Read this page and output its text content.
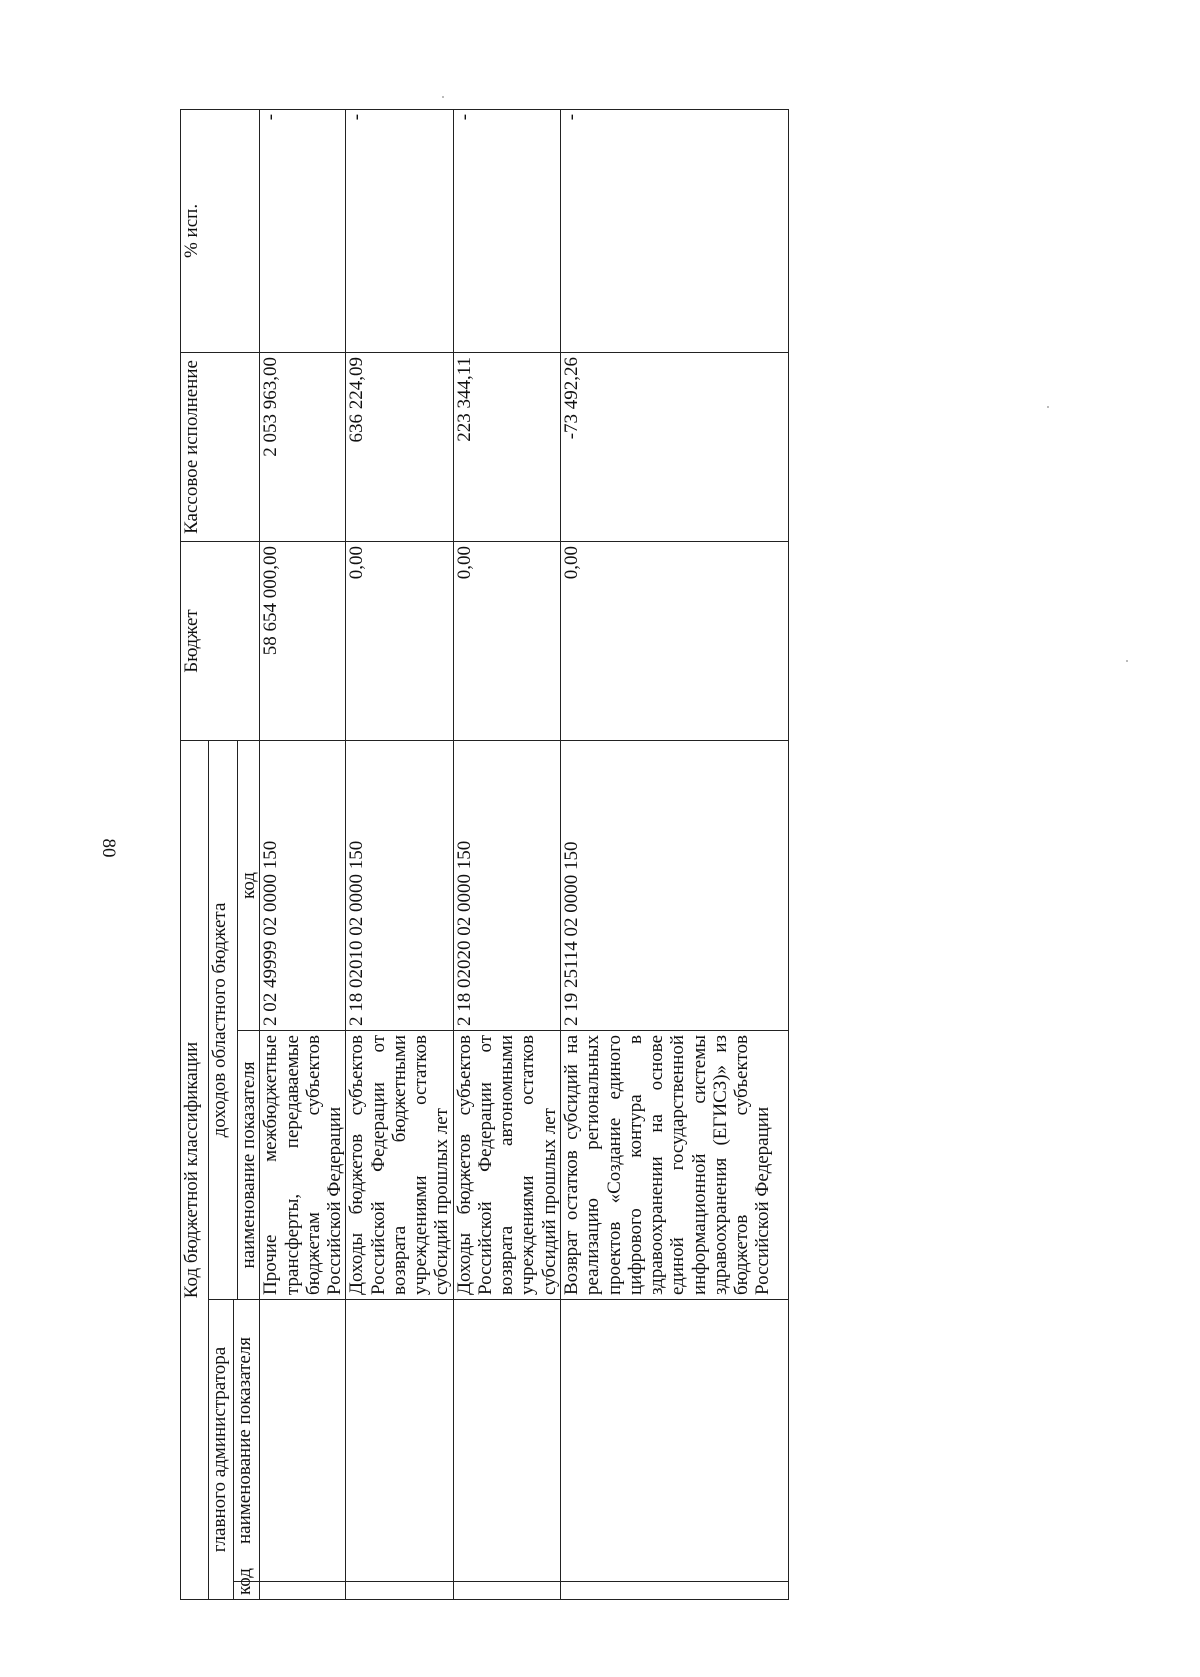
80
Код бюджетной классификации				Бюджет	Кассовое исполнение	% исп.
главного администратора		доходов областного бюджета				
код	наименование показателя					
		наименование показателя	код			
		Прочие межбюджетные трансферты, передаваемые бюджетам субъектов Российской Федерации	2 02 49999 02 0000 150	58 654 000,00	2 053 963,00	-
		Доходы бюджетов субъектов Российской Федерации от возврата бюджетными учреждениями остатков субсидий прошлых лет	2 18 02010 02 0000 150	0,00	636 224,09	-
		Доходы бюджетов субъектов Российской Федерации от возврата автономными учреждениями остатков субсидий прошлых лет	2 18 02020 02 0000 150	0,00	223 344,11	-
		Возврат остатков субсидий на реализацию региональных проектов «Создание единого цифрового контура в здравоохранении на основе единой государственной информационной системы здравоохранения (ЕГИСЗ)» из бюджетов субъектов Российской Федерации	2 19 25114 02 0000 150	0,00	-73 492,26	-
